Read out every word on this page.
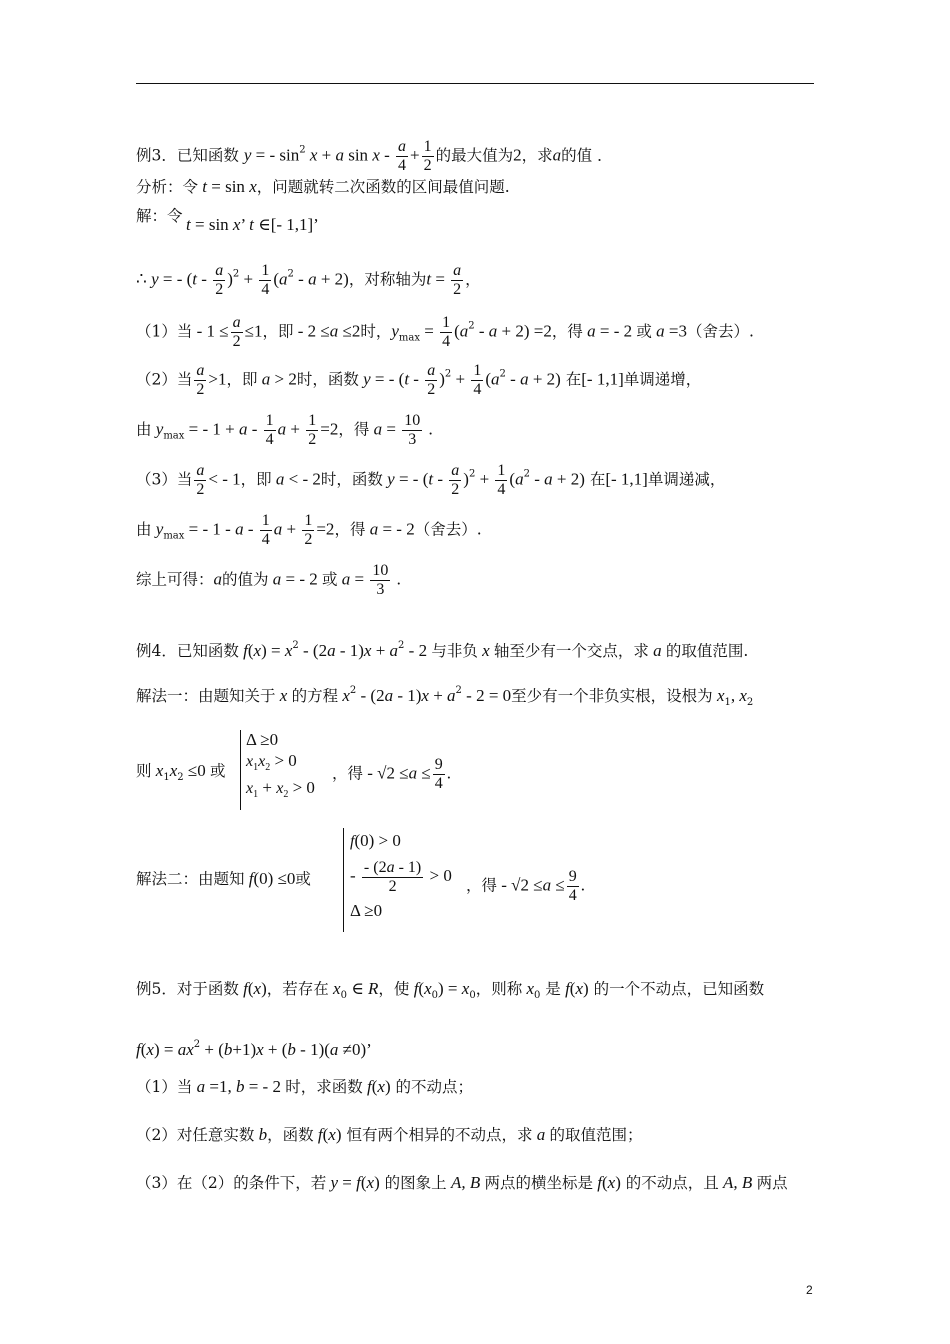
例3．已知函数 y = - $\sin^2 x + a$ $\sin x - \frac{a}{4} + \frac{1}{2}$ 的最大值为2，求a的值 ．
分析：令 t = sin x，问题就转二次函数的区间最值问题.
解：令 t = sin x’ t ∈[- 1,1]’
∴ y = - $(t - \frac{a}{2} )^2 + \frac{1}{4} (a^2 - a + 2)$，对称轴为$t = \frac{a}{2}$ ，
（1）当 - $1 \le \frac{a}{2} \le 1$，即 - 2 ≤a ≤2时，$y_{max} = \frac{1}{4} (a^2 - a + 2) =2$，得 a = - 2 或 a =3（舍去）.
（2）当 $\frac{a}{2} >1$，即 a > 2时，函数 y = - $(t - \frac{a}{2} )^2 + \frac{1}{4} (a^2 - a + 2)$ 在[- 1,1]单调递增，
由 $y_{max}$ = - $1 + a - \frac{1}{4}$ $a + \frac{1}{2} =2$，得 $a = \frac{10}{3}$ .
（3）当 $\frac{a}{2}$ < - 1，即 a < - 2时，函数 y = - $(t - \frac{a}{2} )^2 + \frac{1}{4} (a^2 - a + 2)$ 在[- 1,1]单调递减，
由 $y_{max}$ = - 1 - a - $\frac{1}{4}$ $a + \frac{1}{2} =2$，得 a = - 2（舍去）.
综上可得：a的值为 a = - 2 或 $a = \frac{10}{3}$ .
例4．已知函数 $f(x) = x^2 - (2a - 1)x + a^2 - 2$ 与非负 x 轴至少有一个交点，求 a 的取值范围.
解法一：由题知关于 x 的方程 $x^2 - (2a - 1)x + a^2 - 2 = 0$至少有一个非负实根，设根为 $x_1$, $x_2$
则 $x_1x_2 \le 0$ 或
Δ ≥0
$x_1x_2 > 0$
$x_1 + x_2 > 0$
，得 - $√2 \le a \le \frac{9}{4}$ .
解法二：由题知 f(0) ≤0或
f(0) > 0
- $\frac{- (2a - 1)}{2} > 0$
Δ ≥0
，得 - $√2 \le a \le \frac{9}{4}$ .
例5．对于函数 f(x)，若存在 $x_0$ ∈ R，使 $f(x_0) = x_0$，则称 $x_0$ 是 f(x) 的一个不动点，已知函数
$f(x) = ax^2 + (b+1)x + (b - 1)(a \ne 0)$’
（1）当 a =1, b = - 2 时，求函数 f(x) 的不动点；
（2）对任意实数 b，函数 f(x) 恒有两个相异的不动点，求 a 的取值范围；
（3）在（2）的条件下，若 y = f(x) 的图象上 A, B 两点的横坐标是 f(x) 的不动点，且 A, B 两点
2
